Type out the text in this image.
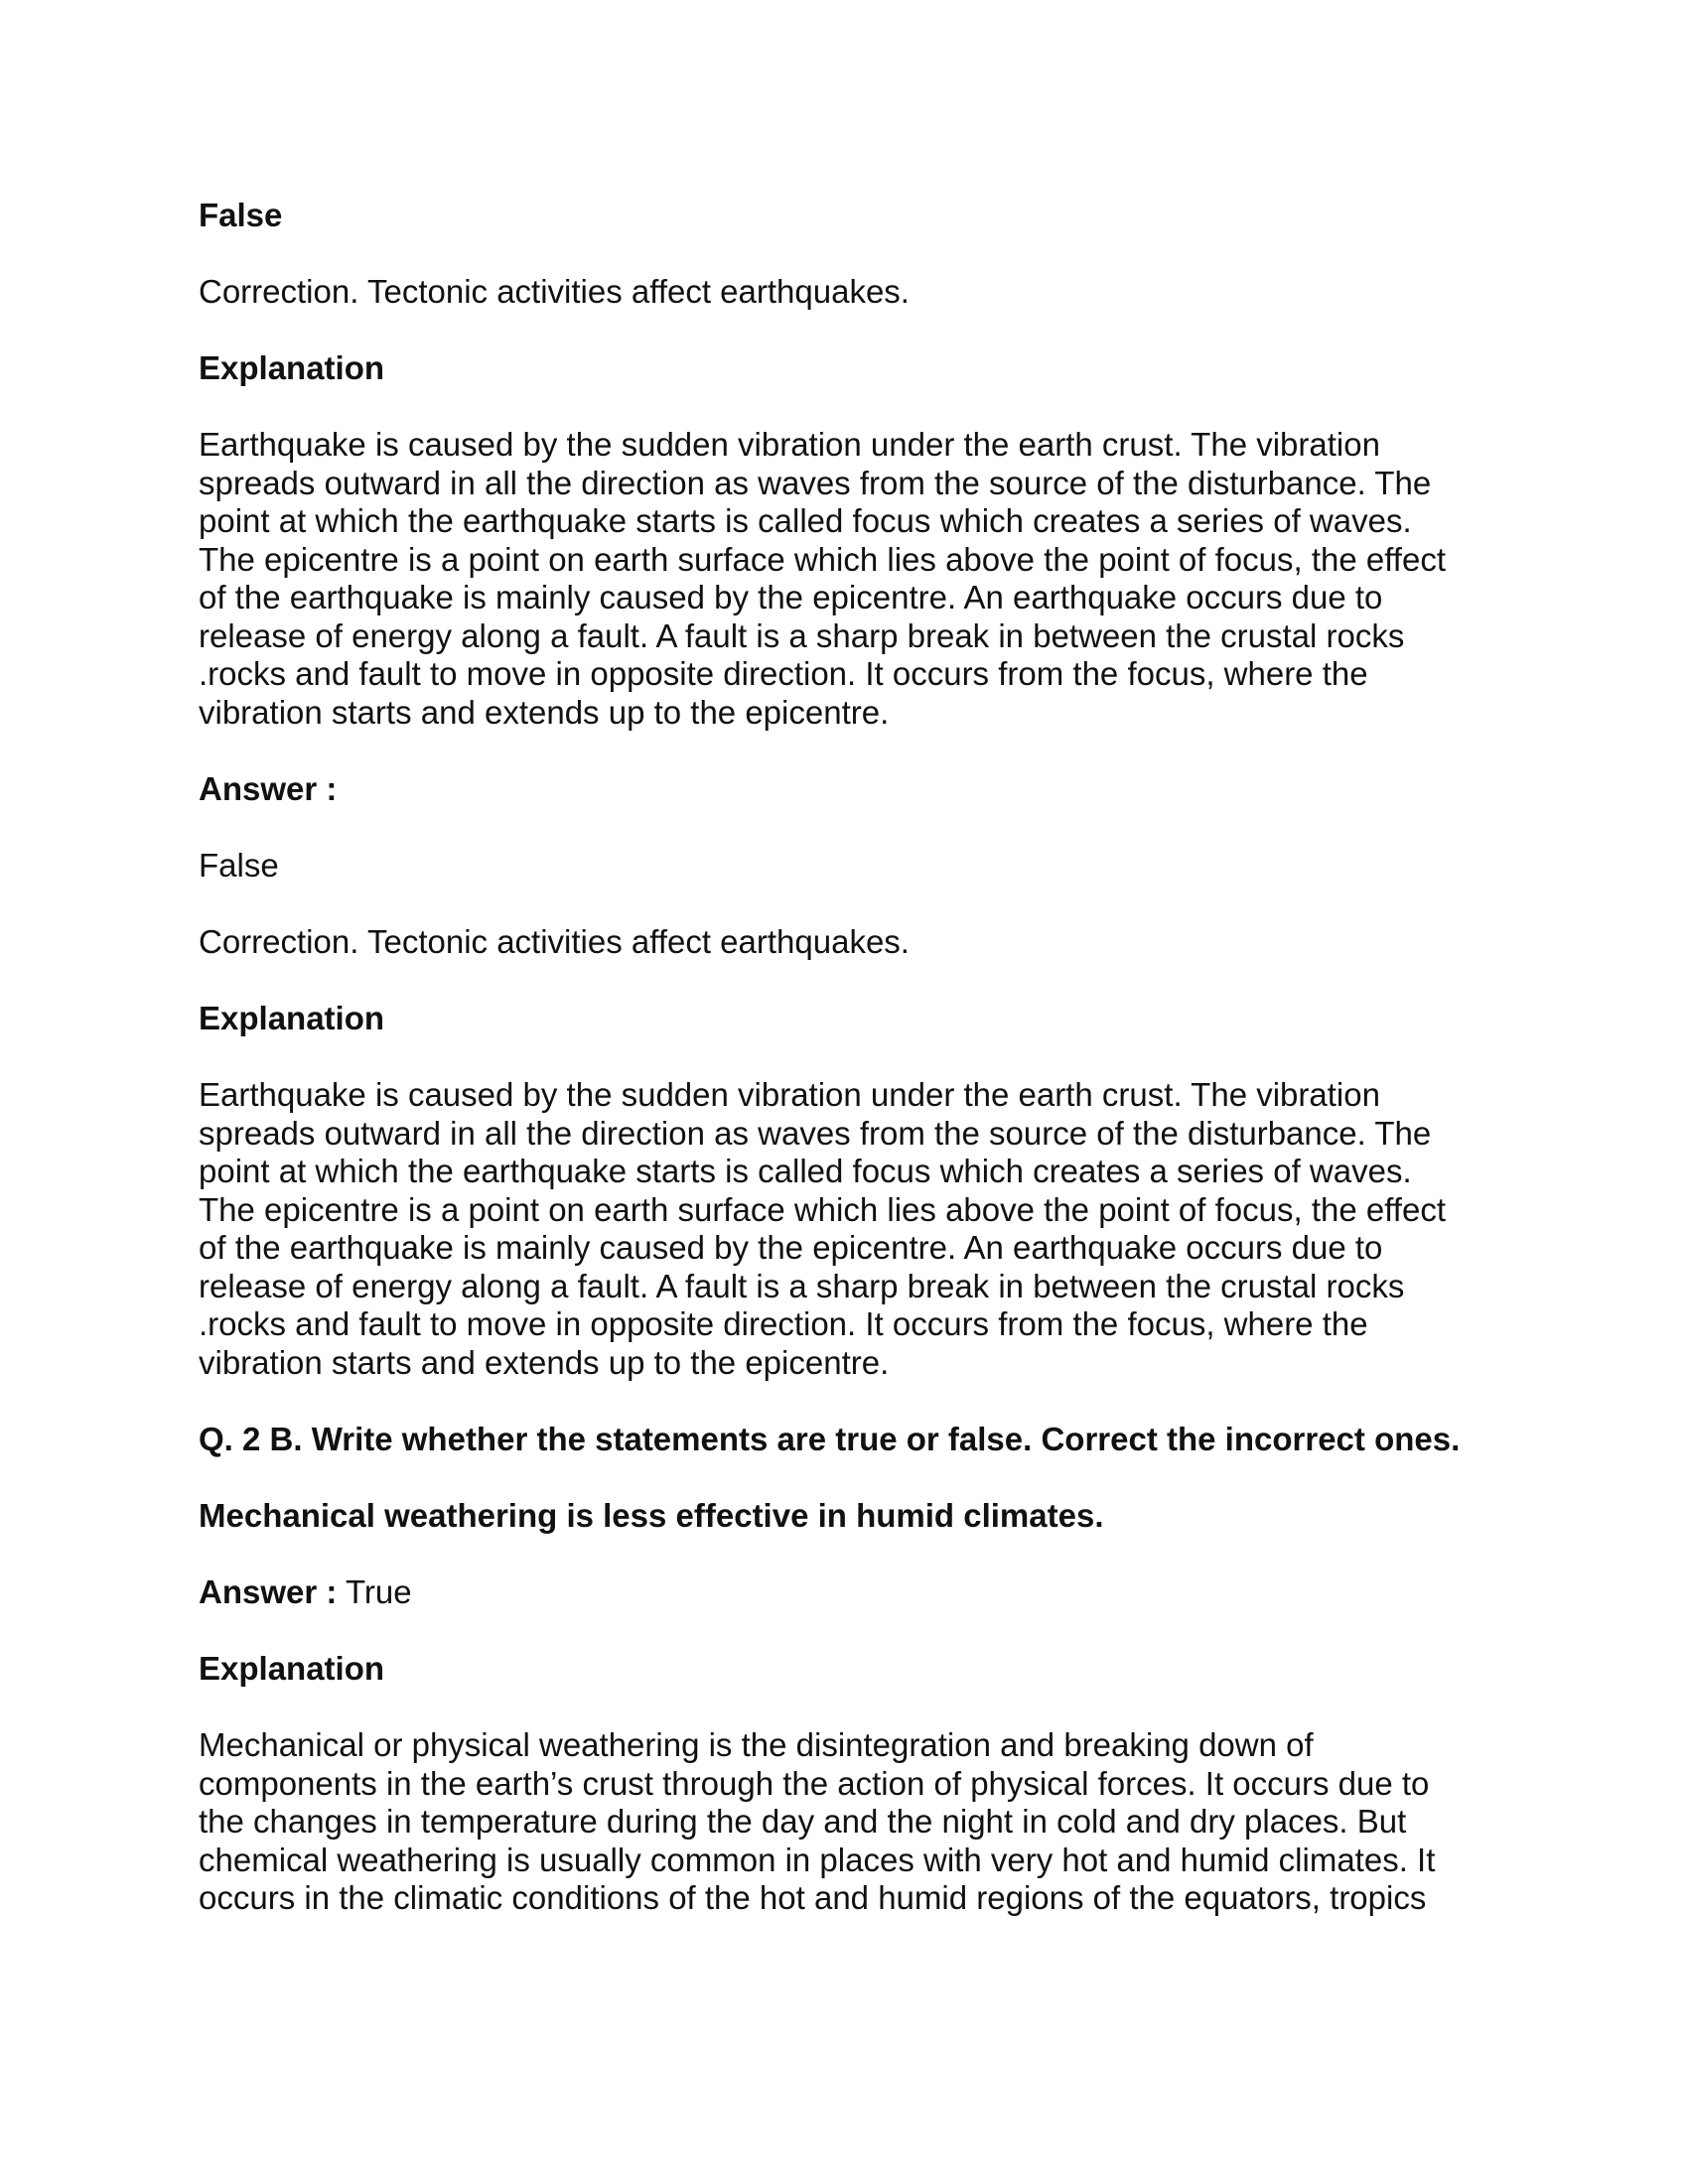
False
Correction. Tectonic activities affect earthquakes.
Explanation
Earthquake is caused by the sudden vibration under the earth crust. The vibration
spreads outward in all the direction as waves from the source of the disturbance. The
point at which the earthquake starts is called focus which creates a series of waves.
The epicentre is a point on earth surface which lies above the point of focus, the effect
of the earthquake is mainly caused by the epicentre. An earthquake occurs due to
release of energy along a fault. A fault is a sharp break in between the crustal rocks
.rocks and fault to move in opposite direction. It occurs from the focus, where the
vibration starts and extends up to the epicentre.
Answer :
False
Correction. Tectonic activities affect earthquakes.
Explanation
Earthquake is caused by the sudden vibration under the earth crust. The vibration
spreads outward in all the direction as waves from the source of the disturbance. The
point at which the earthquake starts is called focus which creates a series of waves.
The epicentre is a point on earth surface which lies above the point of focus, the effect
of the earthquake is mainly caused by the epicentre. An earthquake occurs due to
release of energy along a fault. A fault is a sharp break in between the crustal rocks
.rocks and fault to move in opposite direction. It occurs from the focus, where the
vibration starts and extends up to the epicentre.
Q. 2 B. Write whether the statements are true or false. Correct the incorrect ones.
Mechanical weathering is less effective in humid climates.
Answer : True
Explanation
Mechanical or physical weathering is the disintegration and breaking down of
components in the earth’s crust through the action of physical forces. It occurs due to
the changes in temperature during the day and the night in cold and dry places. But
chemical weathering is usually common in places with very hot and humid climates. It
occurs in the climatic conditions of the hot and humid regions of the equators, tropics
